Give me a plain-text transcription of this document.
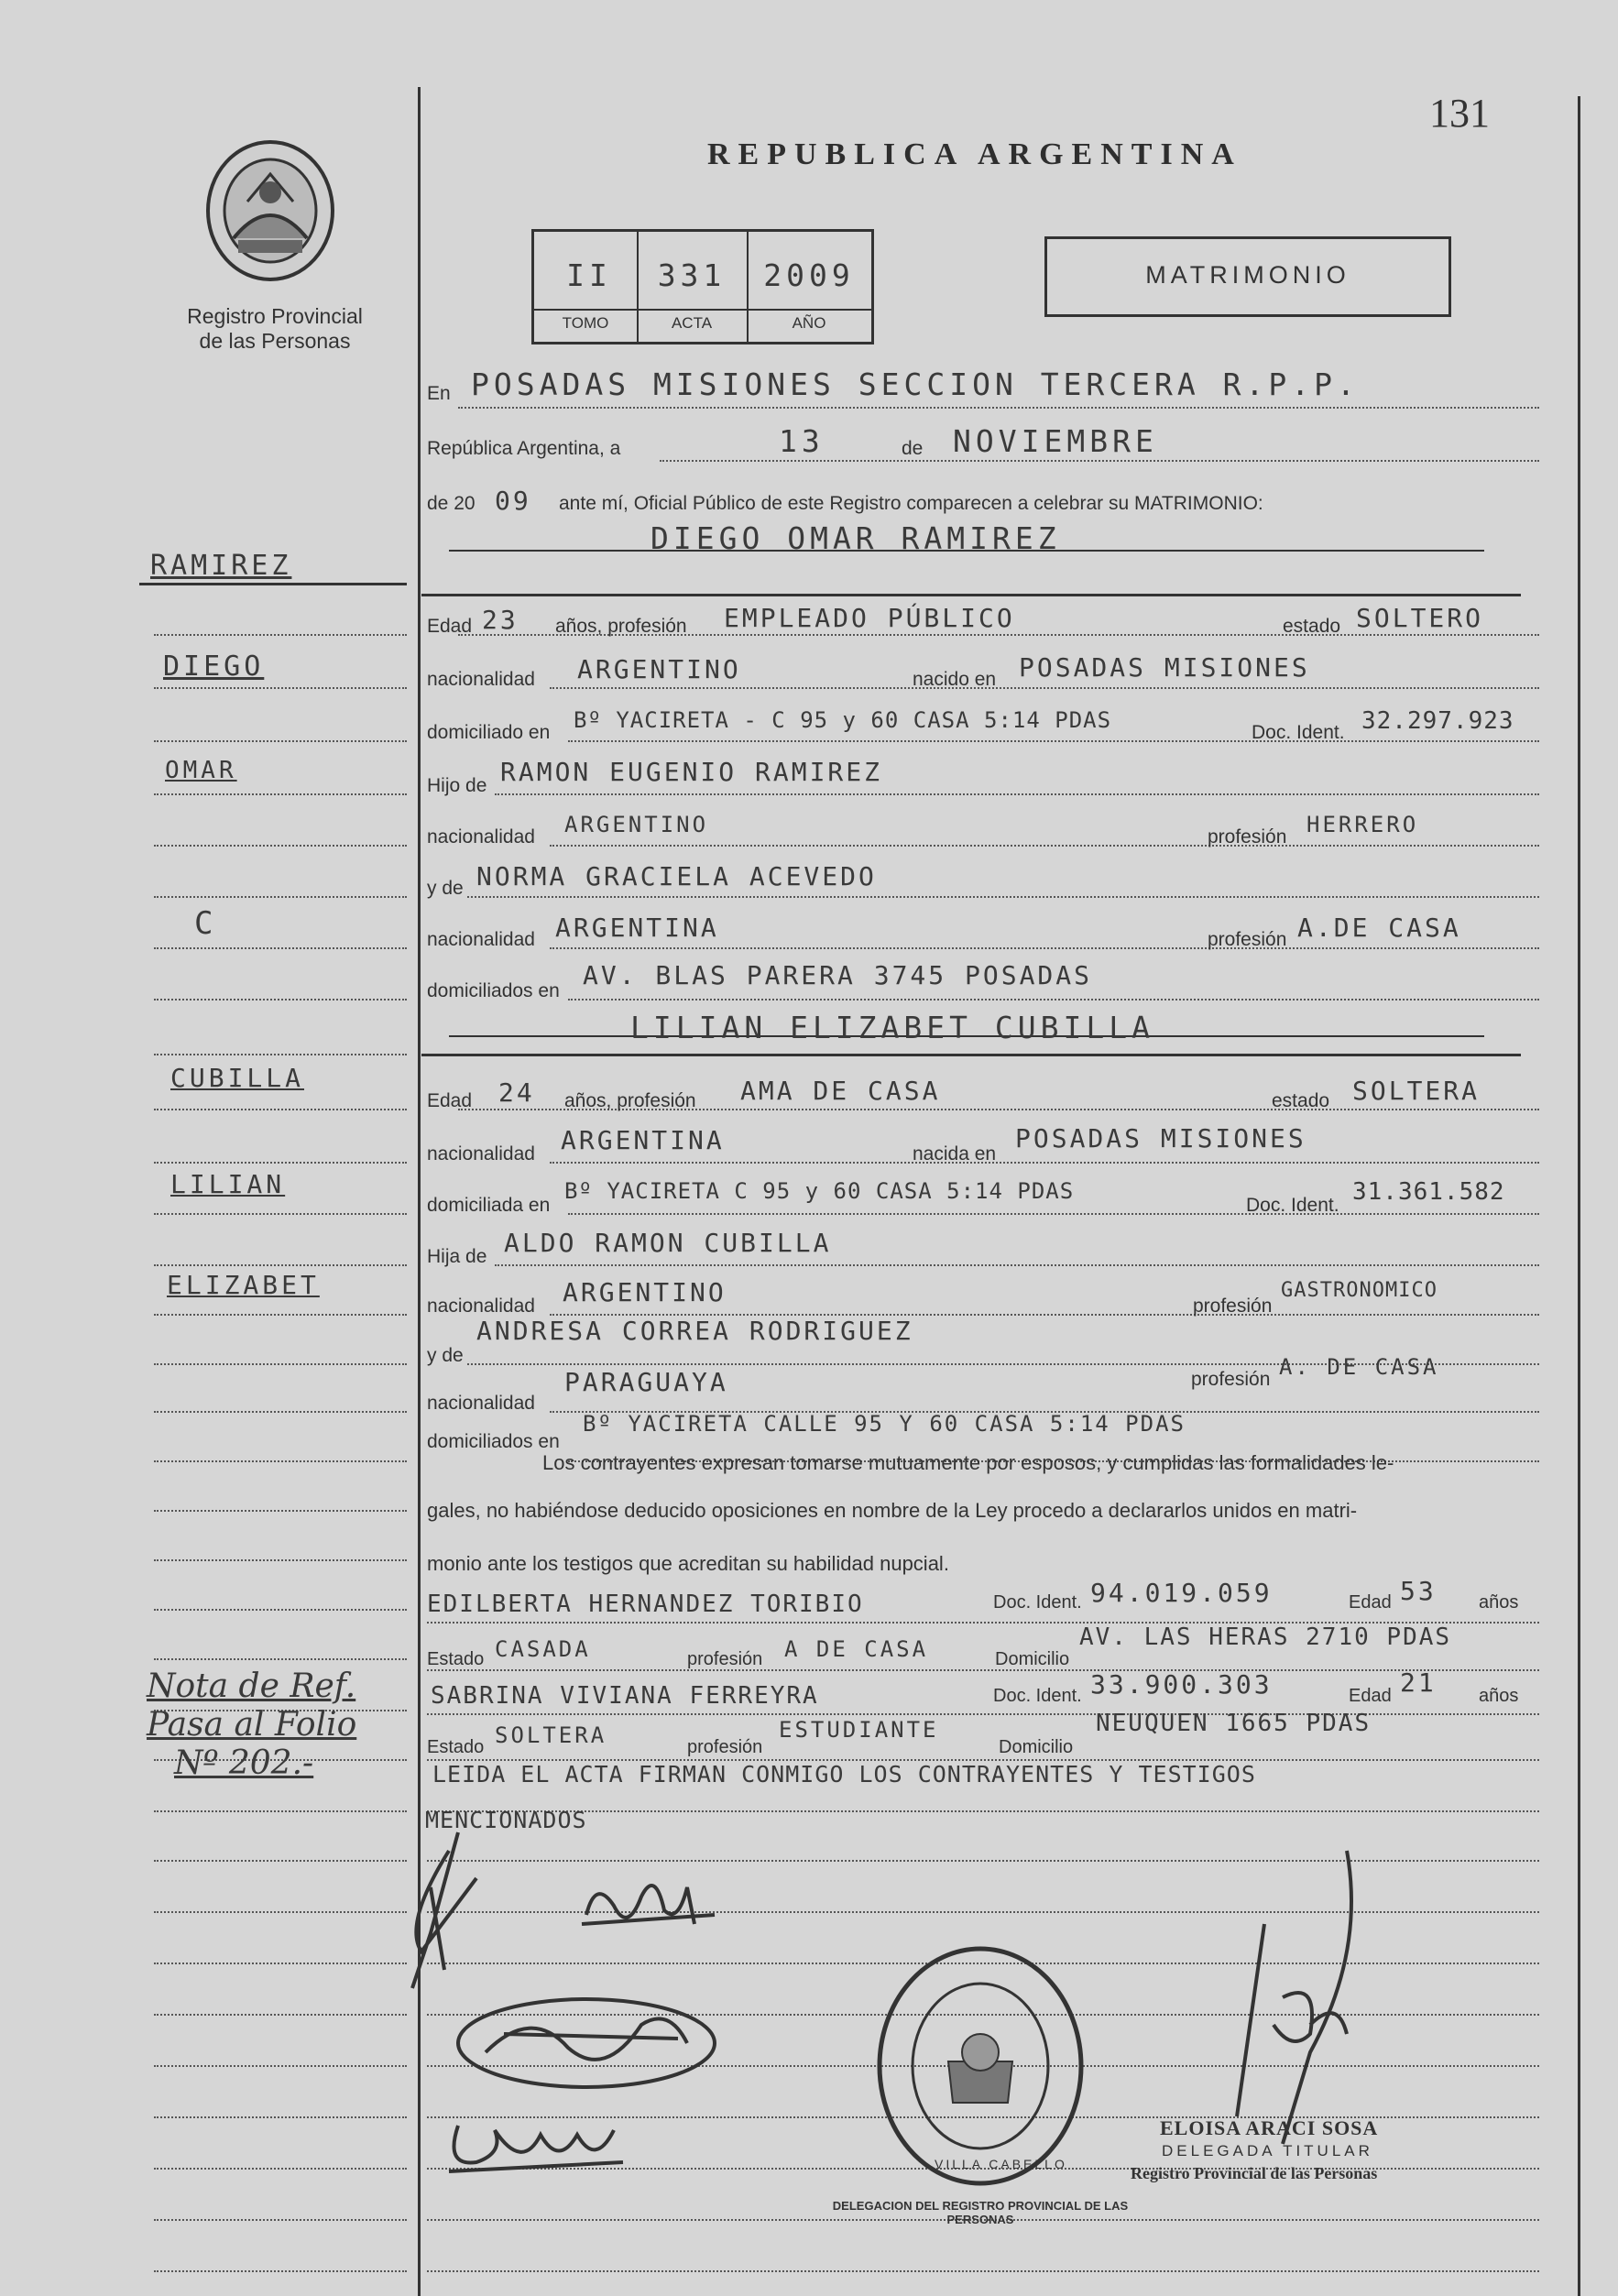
131
REPUBLICA ARGENTINA
Registro Provincial
de las Personas
II	331	2009
TOMO	ACTA	AÑO
MATRIMONIO
En POSADAS MISIONES SECCION TERCERA R.P.P.
República Argentina, a	13	de NOVIEMBRE
de 20 09 ante mí, Oficial Público de este Registro comparecen a celebrar su MATRIMONIO:
DIEGO OMAR RAMIREZ
Edad 23 años, profesión EMPLEADO PÚBLICO	estado SOLTERO
nacionalidad ARGENTINO	nacido en POSADAS MISIONES
domiciliado en Bº YACIRETA - C 95 y 60 CASA 5:14 PDAS	Doc. Ident. 32.297.923
Hijo de RAMON EUGENIO RAMIREZ
nacionalidad ARGENTINO	profesión HERRERO
y de NORMA GRACIELA ACEVEDO
nacionalidad ARGENTINA	profesión A.DE CASA
domiciliados en
AV. BLAS PARERA 3745 POSADAS
LILIAN ELIZABET CUBILLA
Edad 24 años, profesión AMA DE CASA	estado SOLTERA
nacionalidad ARGENTINA	nacida en
POSADAS MISIONES
domiciliada en
Bº YACIRETA C 95 y 60 CASA 5:14 PDAS
Doc. Ident. 31.361.582
Hija de ALDO RAMON CUBILLA
nacionalidad ARGENTINO	profesión
GASTRONOMICO
y de
ANDRESA CORREA RODRIGUEZ
nacionalidad
PARAGUAYA	profesión A. DE CASA
domiciliados en
Bº YACIRETA CALLE 95 Y 60 CASA 5:14 PDAS
Los contrayentes expresan tomarse mutuamente por esposos, y cumplidas las formalidades le-
gales, no habiéndose deducido oposiciones en nombre de la Ley procedo a declararlos unidos en matri-
monio ante los testigos que acreditan su habilidad nupcial.
EDILBERTA HERNANDEZ TORIBIO	Doc. Ident. 94.019.059	Edad 53 años
Estado CASADA	profesión A DE CASA	Domicilio
AV. LAS HERAS 2710 PDAS
SABRINA VIVIANA FERREYRA	Doc. Ident. 33.900.303	Edad 21 años
Estado SOLTERA	profesión
ESTUDIANTE
Domicilio
NEUQUEN 1665 PDAS
LEIDA EL ACTA FIRMAN CONMIGO LOS CONTRAYENTES Y TESTIGOS
MENCIONADOS
RAMIREZ
DIEGO
OMAR
C
CUBILLA
LILIAN
ELIZABET
Nota de Ref.
Pasa al Folio
Nº 202.-
DELEGACION DEL REGISTRO PROVINCIAL DE LAS PERSONAS
VILLA CABELLO
ELOISA ARACI SOSA
DELEGADA TITULAR
Registro Provincial de las Personas
